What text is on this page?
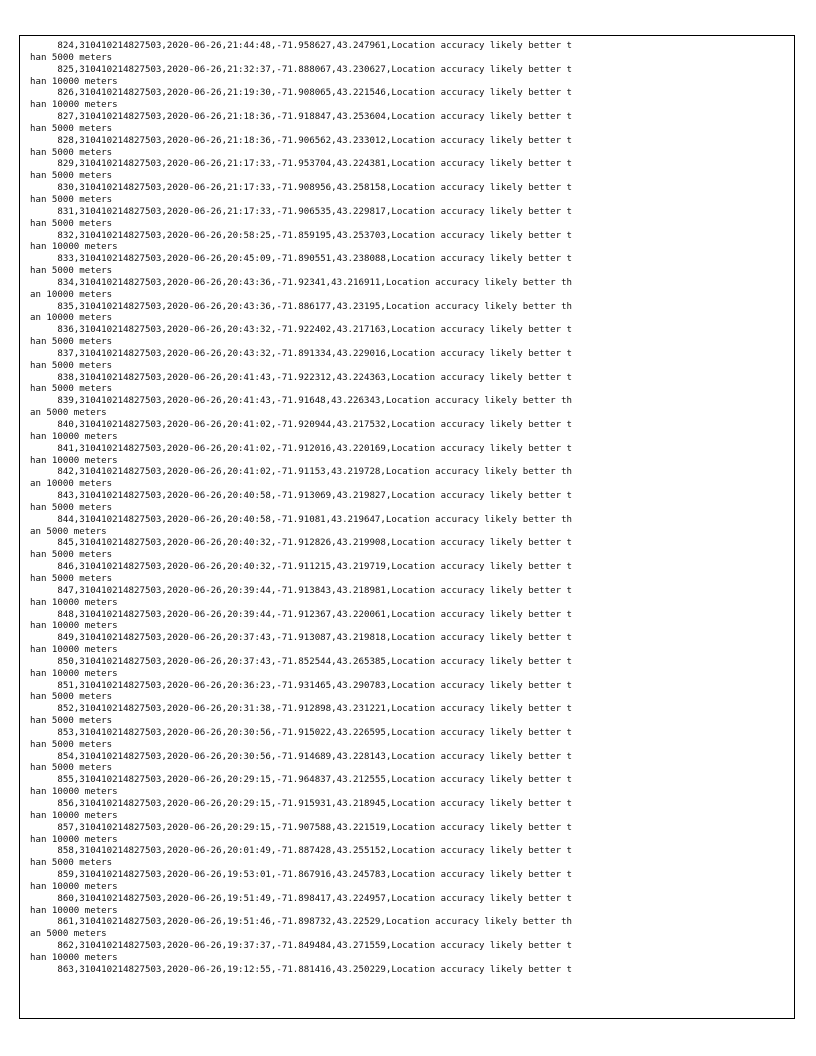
824,310410214827503,2020-06-26,21:44:48,-71.958627,43.247961,Location accuracy likely better t
han 5000 meters
825,310410214827503,2020-06-26,21:32:37,-71.888067,43.230627,Location accuracy likely better t
han 10000 meters
826,310410214827503,2020-06-26,21:19:30,-71.908065,43.221546,Location accuracy likely better t
han 10000 meters
827,310410214827503,2020-06-26,21:18:36,-71.918847,43.253604,Location accuracy likely better t
han 5000 meters
828,310410214827503,2020-06-26,21:18:36,-71.906562,43.233012,Location accuracy likely better t
han 5000 meters
829,310410214827503,2020-06-26,21:17:33,-71.953704,43.224381,Location accuracy likely better t
han 5000 meters
830,310410214827503,2020-06-26,21:17:33,-71.908956,43.258158,Location accuracy likely better t
han 5000 meters
831,310410214827503,2020-06-26,21:17:33,-71.906535,43.229817,Location accuracy likely better t
han 5000 meters
832,310410214827503,2020-06-26,20:58:25,-71.859195,43.253703,Location accuracy likely better t
han 10000 meters
833,310410214827503,2020-06-26,20:45:09,-71.890551,43.238088,Location accuracy likely better t
han 5000 meters
834,310410214827503,2020-06-26,20:43:36,-71.92341,43.216911,Location accuracy likely better th
an 10000 meters
835,310410214827503,2020-06-26,20:43:36,-71.886177,43.23195,Location accuracy likely better th
an 10000 meters
836,310410214827503,2020-06-26,20:43:32,-71.922402,43.217163,Location accuracy likely better t
han 5000 meters
837,310410214827503,2020-06-26,20:43:32,-71.891334,43.229016,Location accuracy likely better t
han 5000 meters
838,310410214827503,2020-06-26,20:41:43,-71.922312,43.224363,Location accuracy likely better t
han 5000 meters
839,310410214827503,2020-06-26,20:41:43,-71.91648,43.226343,Location accuracy likely better th
an 5000 meters
840,310410214827503,2020-06-26,20:41:02,-71.920944,43.217532,Location accuracy likely better t
han 10000 meters
841,310410214827503,2020-06-26,20:41:02,-71.912016,43.220169,Location accuracy likely better t
han 10000 meters
842,310410214827503,2020-06-26,20:41:02,-71.91153,43.219728,Location accuracy likely better th
an 10000 meters
843,310410214827503,2020-06-26,20:40:58,-71.913069,43.219827,Location accuracy likely better t
han 5000 meters
844,310410214827503,2020-06-26,20:40:58,-71.91081,43.219647,Location accuracy likely better th
an 5000 meters
845,310410214827503,2020-06-26,20:40:32,-71.912826,43.219908,Location accuracy likely better t
han 5000 meters
846,310410214827503,2020-06-26,20:40:32,-71.911215,43.219719,Location accuracy likely better t
han 5000 meters
847,310410214827503,2020-06-26,20:39:44,-71.913843,43.218981,Location accuracy likely better t
han 10000 meters
848,310410214827503,2020-06-26,20:39:44,-71.912367,43.220061,Location accuracy likely better t
han 10000 meters
849,310410214827503,2020-06-26,20:37:43,-71.913087,43.219818,Location accuracy likely better t
han 10000 meters
850,310410214827503,2020-06-26,20:37:43,-71.852544,43.265385,Location accuracy likely better t
han 10000 meters
851,310410214827503,2020-06-26,20:36:23,-71.931465,43.290783,Location accuracy likely better t
han 5000 meters
852,310410214827503,2020-06-26,20:31:38,-71.912898,43.231221,Location accuracy likely better t
han 5000 meters
853,310410214827503,2020-06-26,20:30:56,-71.915022,43.226595,Location accuracy likely better t
han 5000 meters
854,310410214827503,2020-06-26,20:30:56,-71.914689,43.228143,Location accuracy likely better t
han 5000 meters
855,310410214827503,2020-06-26,20:29:15,-71.964837,43.212555,Location accuracy likely better t
han 10000 meters
856,310410214827503,2020-06-26,20:29:15,-71.915931,43.218945,Location accuracy likely better t
han 10000 meters
857,310410214827503,2020-06-26,20:29:15,-71.907588,43.221519,Location accuracy likely better t
han 10000 meters
858,310410214827503,2020-06-26,20:01:49,-71.887428,43.255152,Location accuracy likely better t
han 5000 meters
859,310410214827503,2020-06-26,19:53:01,-71.867916,43.245783,Location accuracy likely better t
han 10000 meters
860,310410214827503,2020-06-26,19:51:49,-71.898417,43.224957,Location accuracy likely better t
han 10000 meters
861,310410214827503,2020-06-26,19:51:46,-71.898732,43.22529,Location accuracy likely better th
an 5000 meters
862,310410214827503,2020-06-26,19:37:37,-71.849484,43.271559,Location accuracy likely better t
han 10000 meters
863,310410214827503,2020-06-26,19:12:55,-71.881416,43.250229,Location accuracy likely better t
